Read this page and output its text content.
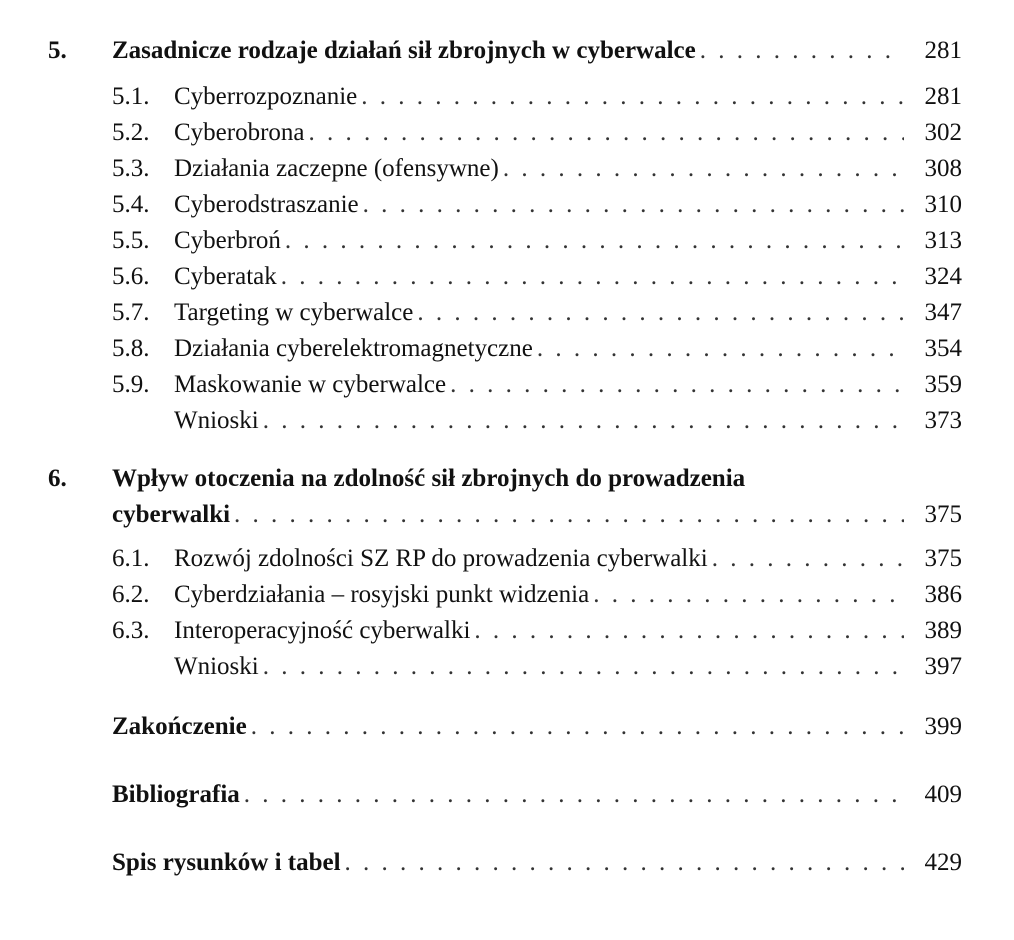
5. Zasadnicze rodzaje działań sił zbrojnych w cyberwalce . . .	281
5.1. Cyberrozpoznanie . . .	281
5.2. Cyberobrona . . .	302
5.3. Działania zaczepne (ofensywne) . . .	308
5.4. Cyberodstraszanie . . .	310
5.5. Cyberbroń . . .	313
5.6. Cyberatak . . .	324
5.7. Targeting w cyberwalce . . .	347
5.8. Działania cyberelektromagnetyczne . . .	354
5.9. Maskowanie w cyberwalce . . .	359
Wnioski . . .	373
6. Wpływ otoczenia na zdolność sił zbrojnych do prowadzenia
cyberwalki . . .	375
6.1. Rozwój zdolności SZ RP do prowadzenia cyberwalki . . .	375
6.2. Cyberdziałania – rosyjski punkt widzenia . . .	386
6.3. Interoperacyjność cyberwalki . . .	389
Wnioski . . .	397
Zakończenie . . .	399
Bibliografia . . .	409
Spis rysunków i tabel . . .	429
